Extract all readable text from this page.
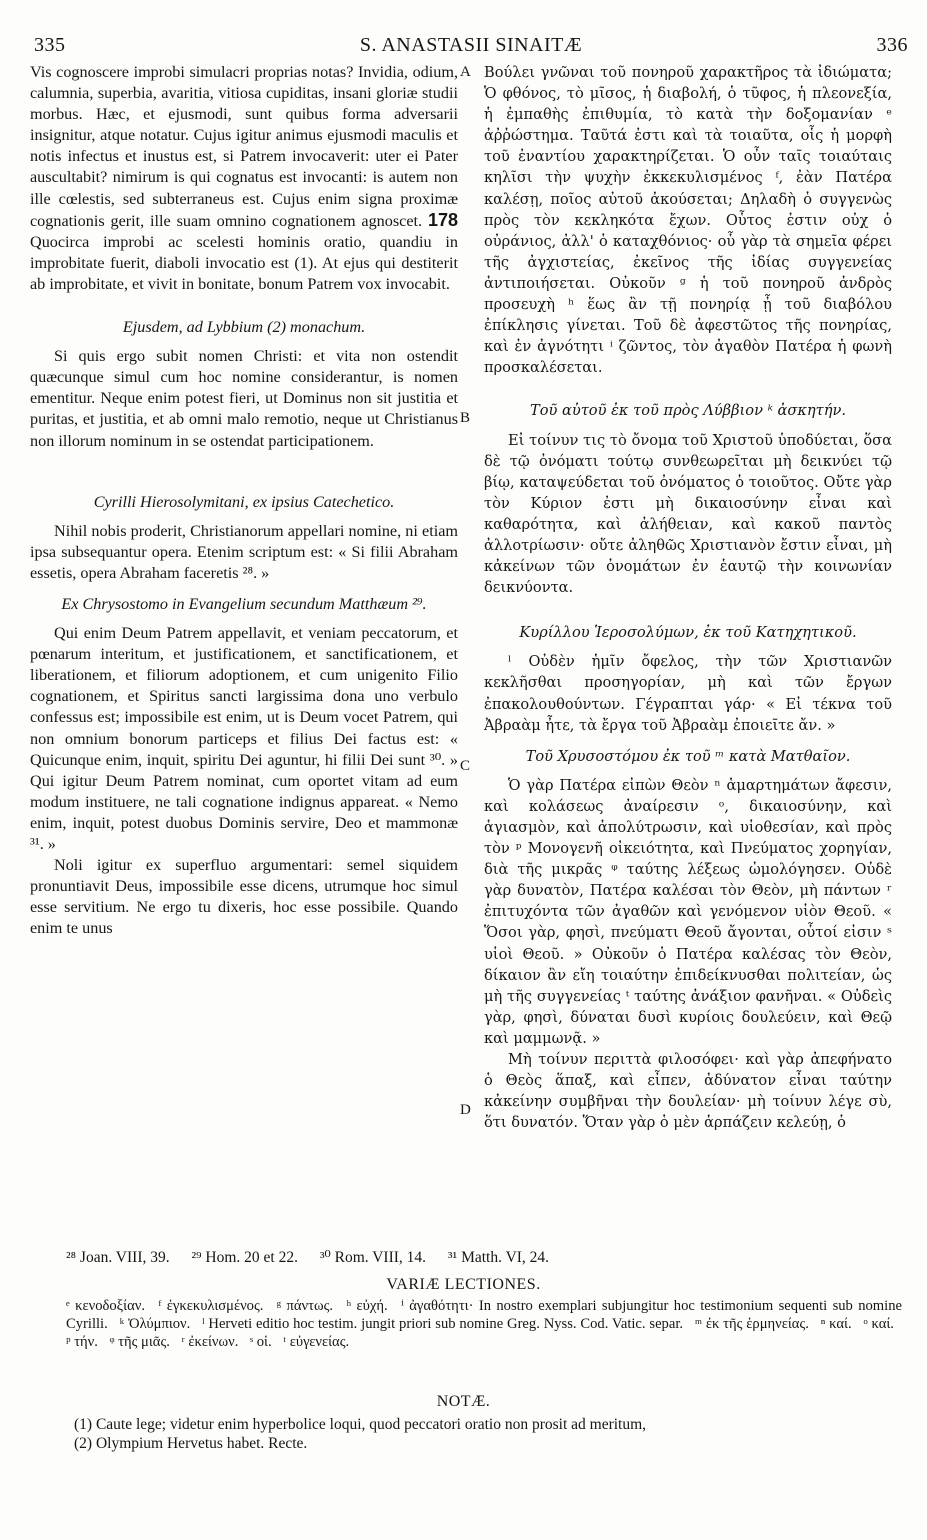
335	S. ANASTASII SINAITÆ	336

Vis cognoscere improbi simulacri proprias notas? Invidia, odium, calumnia, superbia, avaritia, vitiosa cupiditas, insani gloriæ studii morbus. Hæc, et ejusmodi, sunt quibus forma adversarii insignitur, atque notatur. Cujus igitur animus ejusmodi maculis et notis infectus et inustus est, si Patrem invocaverit: uter ei Pater auscultabit? nimirum is qui cognatus est invocanti: is autem non ille cœlestis, sed subterraneus est. Cujus enim signa proximæ cognationis gerit, ille suam omnino cognationem agnoscet. 178 Quocirca improbi ac scelesti hominis oratio, quandiu in improbitate fuerit, diaboli invocatio est (1). At ejus qui destiterit ab improbitate, et vivit in bonitate, bonum Patrem vox invocabit.

Ejusdem, ad Lybbium (2) monachum.

Si quis ergo subit nomen Christi: et vita non ostendit quæcunque simul cum hoc nomine considerantur, is nomen ementitur. Neque enim potest fieri, ut Dominus non sit justitia et puritas, et justitia, et ab omni malo remotio, neque ut Christianus non illorum nominum in se ostendat participationem.

Cyrilli Hierosolymitani, ex ipsius Catechetico.

Nihil nobis proderit, Christianorum appellari nomine, ni etiam ipsa subsequantur opera. Etenim scriptum est: « Si filii Abraham essetis, opera Abraham faceretis ²⁸. »

Ex Chrysostomo in Evangelium secundum Matthæum ²⁹.

Qui enim Deum Patrem appellavit, et veniam peccatorum, et pœnarum interitum, et justificationem, et sanctificationem, et liberationem, et filiorum adoptionem, et cum unigenito Filio cognationem, et Spiritus sancti largissima dona uno verbulo confessus est; impossibile est enim, ut is Deum vocet Patrem, qui non omnium bonorum particeps et filius Dei factus est: « Quicunque enim, inquit, spiritu Dei aguntur, hi filii Dei sunt ³⁰. » Qui igitur Deum Patrem nominat, cum oportet vitam ad eum modum instituere, ne tali cognatione indignus appareat. « Nemo enim, inquit, potest duobus Dominis servire, Deo et mammonæ ³¹. »

Noli igitur ex superfluo argumentari: semel siquidem pronuntiavit Deus, impossibile esse dicens, utrumque hoc simul esse servitium. Ne ergo tu dixeris, hoc esse possibile. Quando enim te unus

A
B
C
D

Βούλει γνῶναι τοῦ πονηροῦ χαρακτῆρος τὰ ἰδιώματα; Ὁ φθόνος, τὸ μῖσος, ἡ διαβολή, ὁ τῦφος, ἡ πλεονεξία, ἡ ἐμπαθὴς ἐπιθυμία, τὸ κατὰ τὴν δοξομανίαν ᵉ ἀῤῥώστημα. Ταῦτά ἐστι καὶ τὰ τοιαῦτα, οἷς ἡ μορφὴ τοῦ ἐναντίου χαρακτηρίζεται. Ὁ οὖν ταῖς τοιαύταις κηλῖσι τὴν ψυχὴν ἐκκεκυλισμένος ᶠ, ἐὰν Πατέρα καλέσῃ, ποῖος αὐτοῦ ἀκούσεται; Δηλαδὴ ὁ συγγενὼς πρὸς τὸν κεκληκότα ἔχων. Οὗτος ἐστιν οὐχ ὁ οὐράνιος, ἀλλ' ὁ καταχθόνιος· οὗ γὰρ τὰ σημεῖα φέρει τῆς ἀγχιστείας, ἐκεῖνος τῆς ἰδίας συγγενείας ἀντιποιήσεται. Οὐκοῦν ᵍ ἡ τοῦ πονηροῦ ἀνδρὸς προσευχὴ ʰ ἕως ἂν τῇ πονηρίᾳ ᾖ τοῦ διαβόλου ἐπίκλησις γίνεται. Τοῦ δὲ ἀφεστῶτος τῆς πονηρίας, καὶ ἐν ἀγνότητι ⁱ ζῶντος, τὸν ἀγαθὸν Πατέρα ἡ φωνὴ προσκαλέσεται.

Τοῦ αὐτοῦ ἐκ τοῦ πρὸς Λύββιον ᵏ ἀσκητήν.

Εἰ τοίνυν τις τὸ ὄνομα τοῦ Χριστοῦ ὑποδύεται, ὅσα δὲ τῷ ὀνόματι τούτῳ συνθεωρεῖται μὴ δεικνύει τῷ βίῳ, καταψεύδεται τοῦ ὀνόματος ὁ τοιοῦτος. Οὔτε γὰρ τὸν Κύριον ἐστι μὴ δικαιοσύνην εἶναι καὶ καθαρότητα, καὶ ἀλήθειαν, καὶ κακοῦ παντὸς ἀλλοτρίωσιν· οὔτε ἀληθῶς Χριστιανὸν ἔστιν εἶναι, μὴ κἀκείνων τῶν ὀνομάτων ἐν ἑαυτῷ τὴν κοινωνίαν δεικνύοντα.

Κυρίλλου Ἱεροσολύμων, ἐκ τοῦ Κατηχητικοῦ.

ˡ Οὐδὲν ἡμῖν ὄφελος, τὴν τῶν Χριστιανῶν κεκλῆσθαι προσηγορίαν, μὴ καὶ τῶν ἔργων ἐπακολουθούντων. Γέγραπται γάρ· « Εἰ τέκνα τοῦ Ἀβραὰμ ἦτε, τὰ ἔργα τοῦ Ἀβραὰμ ἐποιεῖτε ἄν. »

Τοῦ Χρυσοστόμου ἐκ τοῦ ᵐ κατὰ Ματθαῖον.

Ὁ γὰρ Πατέρα εἰπὼν Θεὸν ⁿ ἁμαρτημάτων ἄφεσιν, καὶ κολάσεως ἀναίρεσιν ᵒ, δικαιοσύνην, καὶ ἁγιασμὸν, καὶ ἀπολύτρωσιν, καὶ υἱοθεσίαν, καὶ πρὸς τὸν ᵖ Μονογενῆ οἰκειότητα, καὶ Πνεύματος χορηγίαν, διὰ τῆς μικρᾶς ᵠ ταύτης λέξεως ὡμολόγησεν. Οὐδὲ γὰρ δυνατὸν, Πατέρα καλέσαι τὸν Θεὸν, μὴ πάντων ʳ ἐπιτυχόντα τῶν ἀγαθῶν καὶ γενόμενον υἱὸν Θεοῦ. « Ὅσοι γὰρ, φησὶ, πνεύματι Θεοῦ ἄγονται, οὗτοί εἰσιν ˢ υἱοὶ Θεοῦ. » Οὐκοῦν ὁ Πατέρα καλέσας τὸν Θεὸν, δίκαιον ἂν εἴη τοιαύτην ἐπιδείκνυσθαι πολιτείαν, ὡς μὴ τῆς συγγενείας ᵗ ταύτης ἀνάξιον φανῆναι. « Οὐδεὶς γὰρ, φησὶ, δύναται δυσὶ κυρίοις δουλεύειν, καὶ Θεῷ καὶ μαμμωνᾷ. »

Μὴ τοίνυν περιττὰ φιλοσόφει· καὶ γὰρ ἀπεφήνατο ὁ Θεὸς ἅπαξ, καὶ εἶπεν, ἀδύνατον εἶναι ταύτην κἀκείνην συμβῆναι τὴν δουλείαν· μὴ τοίνυν λέγε σὺ, ὅτι δυνατόν. Ὅταν γὰρ ὁ μὲν ἁρπάζειν κελεύῃ, ὁ

²⁸ Joan. VIII, 39. ²⁹ Hom. 20 et 22. ³⁰ Rom. VIII, 14. ³¹ Matth. VI, 24.
VARIÆ LECTIONES.
ᵉ κενοδοξίαν. ᶠ ἐγκεκυλισμένος. ᵍ πάντως. ʰ εὐχή. ⁱ ἀγαθότητι· In nostro exemplari subjungitur hoc testimonium sequenti sub nomine Cyrilli. ᵏ Ὀλύμπιον. ˡ Herveti editio hoc testim. jungit priori sub nomine Greg. Nyss. Cod. Vatic. separ. ᵐ ἐκ τῆς ἑρμηνείας. ⁿ καί. ᵒ καί. ᵖ τήν. ᵠ τῆς μιᾶς. ʳ ἐκείνων. ˢ οἱ. ᵗ εὐγενείας.
NOTÆ.
(1) Caute lege; videtur enim hyperbolice loqui, quod peccatori oratio non prosit ad meritum,
(2) Olympium Hervetus habet. Recte.
